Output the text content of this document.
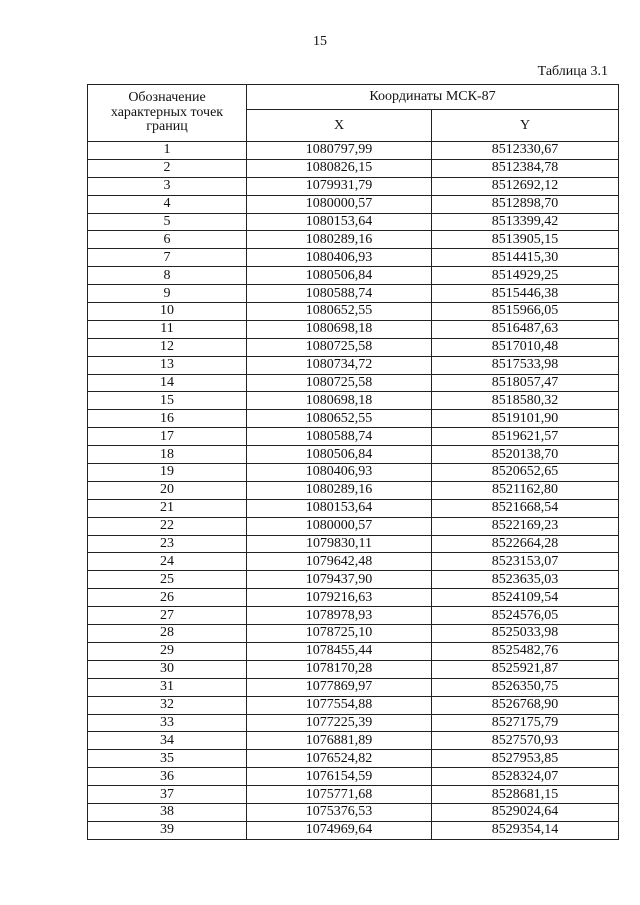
15
Таблица 3.1
Обозначение
характерных точек
границ	Координаты МСК-87	
	X	Y
1	1080797,99	8512330,67
2	1080826,15	8512384,78
3	1079931,79	8512692,12
4	1080000,57	8512898,70
5	1080153,64	8513399,42
6	1080289,16	8513905,15
7	1080406,93	8514415,30
8	1080506,84	8514929,25
9	1080588,74	8515446,38
10	1080652,55	8515966,05
11	1080698,18	8516487,63
12	1080725,58	8517010,48
13	1080734,72	8517533,98
14	1080725,58	8518057,47
15	1080698,18	8518580,32
16	1080652,55	8519101,90
17	1080588,74	8519621,57
18	1080506,84	8520138,70
19	1080406,93	8520652,65
20	1080289,16	8521162,80
21	1080153,64	8521668,54
22	1080000,57	8522169,23
23	1079830,11	8522664,28
24	1079642,48	8523153,07
25	1079437,90	8523635,03
26	1079216,63	8524109,54
27	1078978,93	8524576,05
28	1078725,10	8525033,98
29	1078455,44	8525482,76
30	1078170,28	8525921,87
31	1077869,97	8526350,75
32	1077554,88	8526768,90
33	1077225,39	8527175,79
34	1076881,89	8527570,93
35	1076524,82	8527953,85
36	1076154,59	8528324,07
37	1075771,68	8528681,15
38	1075376,53	8529024,64
39	1074969,64	8529354,14
